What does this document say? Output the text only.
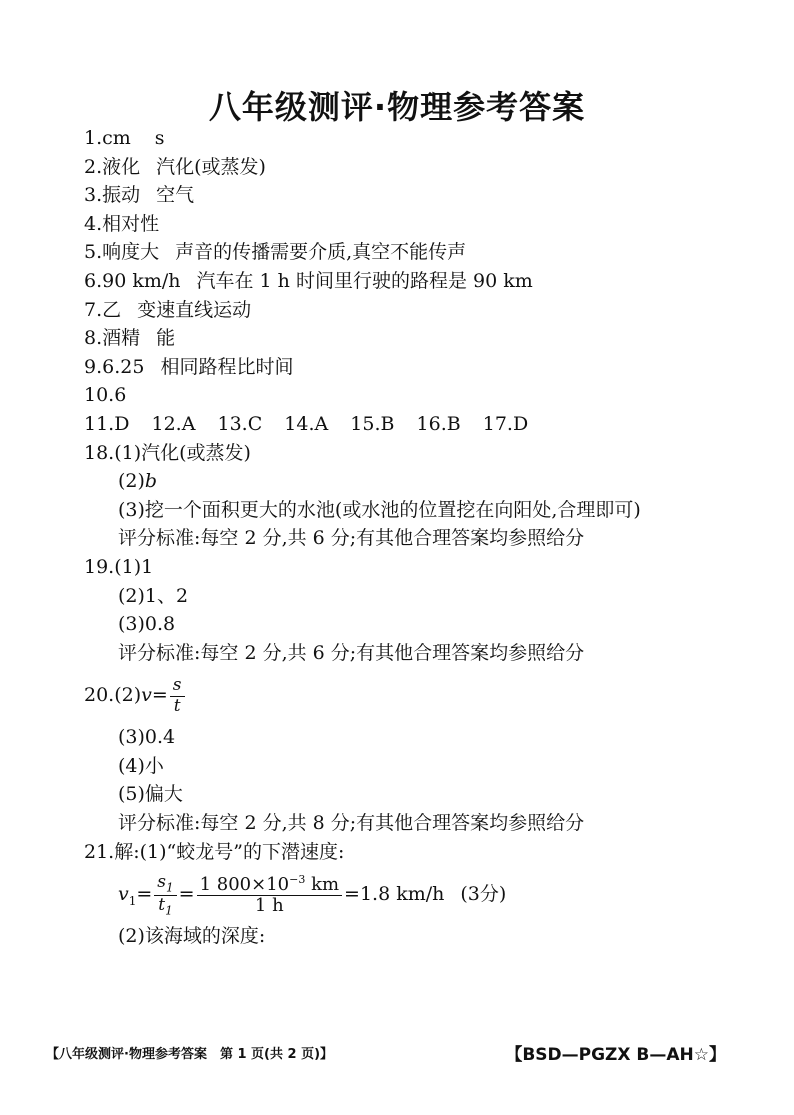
八年级测评·物理参考答案
1.cm s
2.液化 汽化(或蒸发)
3.振动 空气
4.相对性
5.响度大 声音的传播需要介质,真空不能传声
6.90 km/h 汽车在 1 h 时间里行驶的路程是 90 km
7.乙 变速直线运动
8.酒精 能
9.6.25 相同路程比时间
10.6
11.D 12.A 13.C 14.A 15.B 16.B 17.D
18.(1)汽化(或蒸发)
(2)b
(3)挖一个面积更大的水池(或水池的位置挖在向阳处,合理即可)
评分标准:每空 2 分,共 6 分;有其他合理答案均参照给分
19.(1)1
(2)1、2
(3)0.8
评分标准:每空 2 分,共 6 分;有其他合理答案均参照给分
$20.(2)v= \frac{s}{t}$
(3)0.4
(4)小
(5)偏大
评分标准:每空 2 分,共 8 分;有其他合理答案均参照给分
21.解:(1)“蛟龙号”的下潜速度:
$v_1= \frac{s_1}{t_1} = \frac{1 800\times 10^{-3} km}{1 h} =1.8$ km/h (3分)
(2)该海域的深度:
【八年级测评·物理参考答案　第 1 页(共 2 页)】	【BSD—PGZX B—AH☆】
